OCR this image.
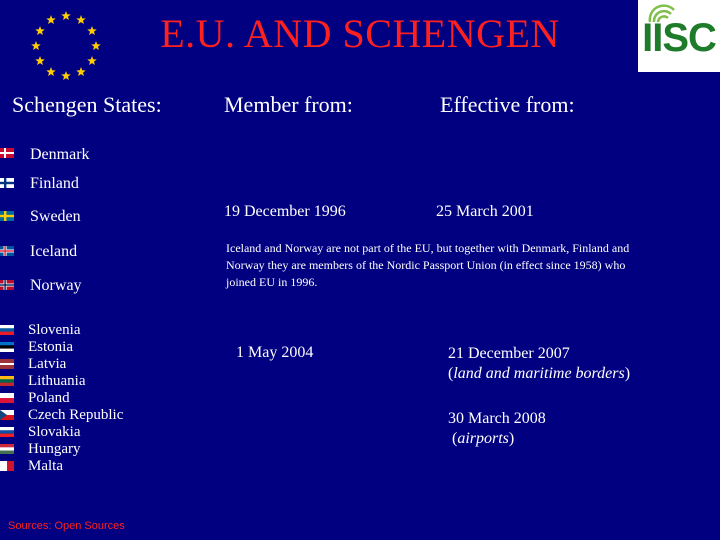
E.U. AND SCHENGEN	IISC
Schengen States:	Member from:	Effective from:
Denmark
Finland
Sweden
Iceland
Norway
19 December 1996	25 March 2001
Iceland and Norway are not part of the EU, but together with Denmark, Finland and Norway they are members of the Nordic Passport Union (in effect since 1958) who joined EU in 1996.
Slovenia
Estonia
Latvia
Lithuania
Poland
Czech Republic
Slovakia
Hungary
Malta
1 May 2004	21 December 2007
(land and maritime borders)
30 March 2008
(airports)
Sources: Open Sources
